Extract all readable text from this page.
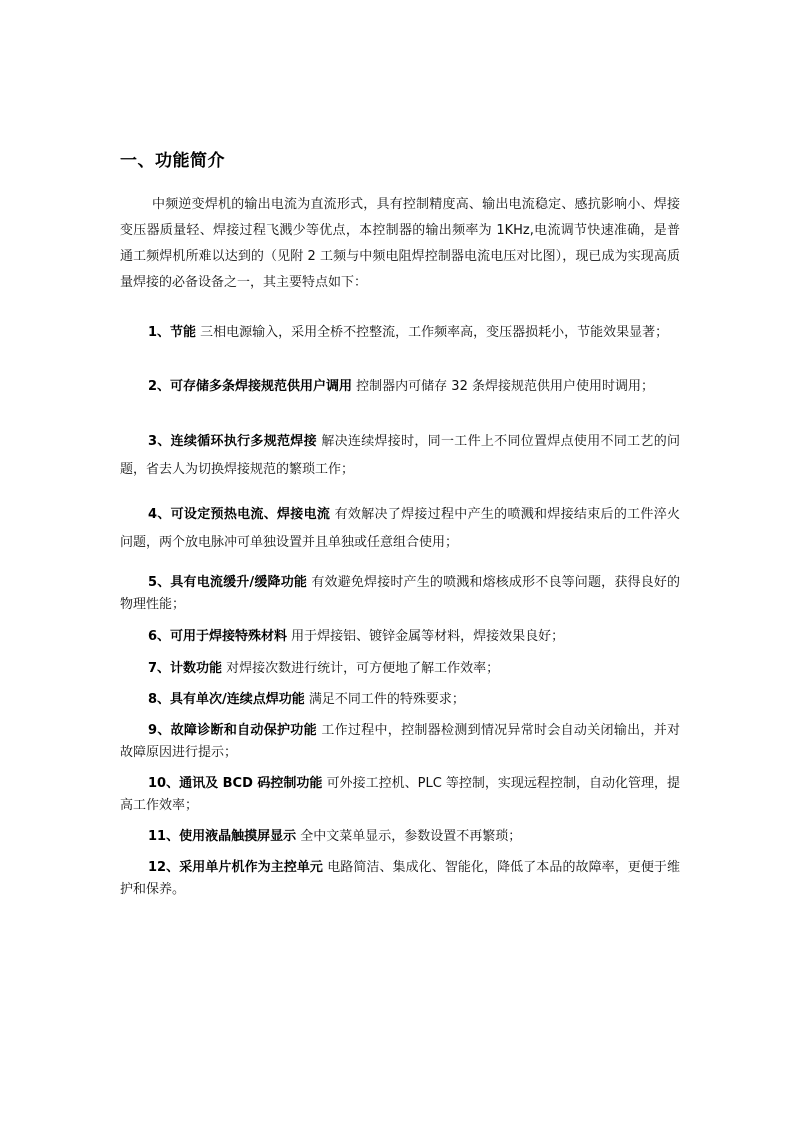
一、功能简介

中频逆变焊机的输出电流为直流形式，具有控制精度高、输出电流稳定、感抗影响小、焊接变压器质量轻、焊接过程飞溅少等优点，本控制器的输出频率为 1KHz,电流调节快速准确，是普通工频焊机所难以达到的（见附 2 工频与中频电阻焊控制器电流电压对比图），现已成为实现高质量焊接的必备设备之一，其主要特点如下：

1、节能 三相电源输入，采用全桥不控整流，工作频率高，变压器损耗小，节能效果显著；

2、可存储多条焊接规范供用户调用 控制器内可储存 32 条焊接规范供用户使用时调用；

3、连续循环执行多规范焊接 解决连续焊接时，同一工件上不同位置焊点使用不同工艺的问题，省去人为切换焊接规范的繁琐工作；

4、可设定预热电流、焊接电流 有效解决了焊接过程中产生的喷溅和焊接结束后的工件淬火问题，两个放电脉冲可单独设置并且单独或任意组合使用；

5、具有电流缓升/缓降功能 有效避免焊接时产生的喷溅和熔核成形不良等问题，获得良好的物理性能；

6、可用于焊接特殊材料 用于焊接铝、镀锌金属等材料，焊接效果良好；

7、计数功能 对焊接次数进行统计，可方便地了解工作效率；

8、具有单次/连续点焊功能 满足不同工件的特殊要求；

9、故障诊断和自动保护功能 工作过程中，控制器检测到情况异常时会自动关闭输出，并对故障原因进行提示；

10、通讯及 BCD 码控制功能 可外接工控机、PLC 等控制，实现远程控制，自动化管理，提高工作效率；

11、使用液晶触摸屏显示 全中文菜单显示，参数设置不再繁琐；

12、采用单片机作为主控单元 电路简洁、集成化、智能化，降低了本品的故障率，更便于维护和保养。
